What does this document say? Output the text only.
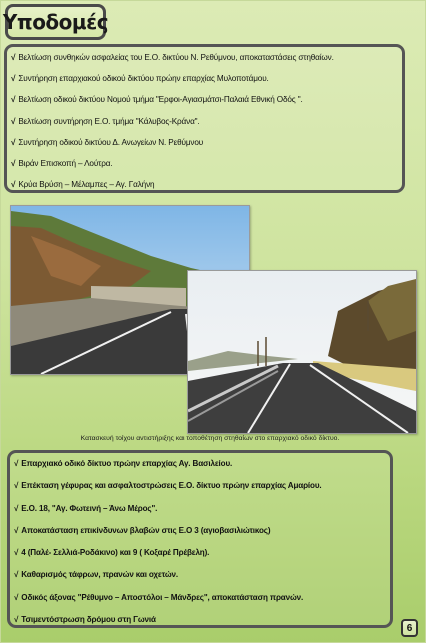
Υποδομές
√ Βελτίωση συνθηκών ασφαλείας του Ε.Ο. δικτύου Ν. Ρεθύμνου, αποκαταστάσεις στηθαίων.
√ Συντήρηση επαρχιακού οδικού δικτύου πρώην επαρχίας Μυλοποτάμου.
√ Βελτίωση οδικού δικτύου Νομού τμήμα "Ερφοι-Αγιασμάτσι-Παλαιά Εθνική Οδός ".
√ Βελτίωση συντήρηση Ε.Ο. τμήμα "Κάλυβος-Κράνα".
√ Συντήρηση οδικού δικτύου Δ. Ανωγείων Ν. Ρεθύμνου
√ Βιράν Επισκοπή – Λούτρα.
√ Κρύα Βρύση – Μέλαμπες – Αγ. Γαλήνη
Κατασκευή τοίχου αντιστήριξης και τοποθέτηση στηθαίων στο επαρχιακό οδικό δίκτυο.
√ Επαρχιακό οδικό δίκτυο πρώην επαρχίας Αγ. Βασιλείου.
√ Επέκταση γέφυρας και ασφαλτοστρώσεις Ε.Ο. δίκτυο πρώην επαρχίας Αμαρίου.
√ Ε.Ο. 18, "Αγ. Φωτεινή – Άνω Μέρος".
√ Αποκατάσταση επικίνδυνων βλαβών στις Ε.Ο 3 (αγιοβασιλιώτικος)
√ 4 (Παλέ- Σελλιά-Ροδάκινο) και 9 ( Κοξαρέ Πρέβελη).
√ Καθαρισμός τάφρων, πρανών και οχετών.
√ Οδικός άξονας "Ρέθυμνο – Αποστόλοι – Μάνδρες", αποκατάσταση πρανών.
√ Τσιμεντόστρωση δρόμου στη Γωνιά
6
